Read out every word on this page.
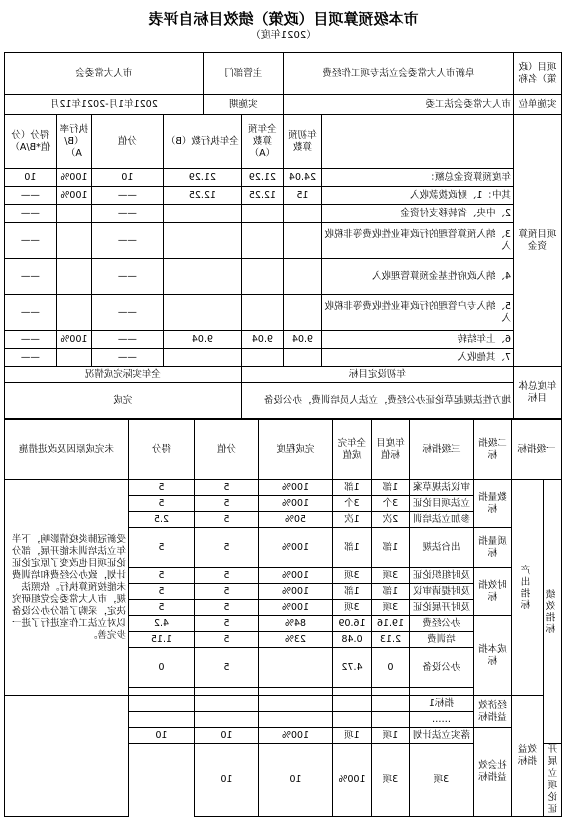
市本级预算项目（政策）绩效目标自评表
（2021年度）
项目（政策）名称	阜新市人大常委会立法专项工作经费		主管部门		市人大常委会			
实施单位	市人大常委会法工委		实施期		2021年1月-2021年12月			
项目预算资金		年初预算数	全年预算数（A）	全年执行数（B）		分值	执行率（B/A）	得分（分值*B/A）
	年度预算资金总额：	24.04	21.29	21.29		10	100%	10
	其中：1、财政拨款收入	15	12.25	12.25		——	100%	——
	2、中央、省转移支付资金					——		——
	3、纳入预算管理的行政事业性收费等非税收入					——		——
	4、纳入政府性基金预算管理收入					——		——
	5、纳入专户管理的行政事业性收费等非税收入					——		——
	6、上年结转	9.04	9.04	9.04		——	100%	——
	7、其他收入					——		——
年度总体目标	年初设定目标			全年实际完成情况				
	地方性法规起草论证办公经费，立法人员培训费，办公设备			完成				
一级指标		二级指标	三级指标	年度目标值	全年完成值	完成程度	分值	得分	未完成原因及改进措施
绩效指标	产出指标	数量指标	审议法规草案	1部	1部	100%	5	5	受新冠肺炎疫情影响，下半年立法培训未能开展，部分论证项目也改变了原定论证计划，致办公经费和培训费未能按预算执行。依照法规，市人大常委会党组研究决定，采购了部分办公设备以对立法工作室进行了进一步完善。
			立法项目论证	3个	3个	100%	5	5	
			参加立法培训	2次	1次	50%	5	2.5	
		质量指标	出台法规	1部	1部	100%	5	5	
		时效指标	及时组织论证	3项	3项	100%	5	5	
			及时提请审议	1部	1部	100%	5	5	
			及时开展论证	3项	3项	100%	5	5	
		成本指标	办公经费	19.16	16.09	84%	5	4.2	
			培训费	2.13	0.48	23%	5	1.15	
			办公设备	0	4.72		5	0	

	效益指标	经济效益指标	指标1						
			……						
		社会效益指标	落实立法计划	1项	1项	100%	10	10	
开展立项论证			3项	3项	100%	10	10		
